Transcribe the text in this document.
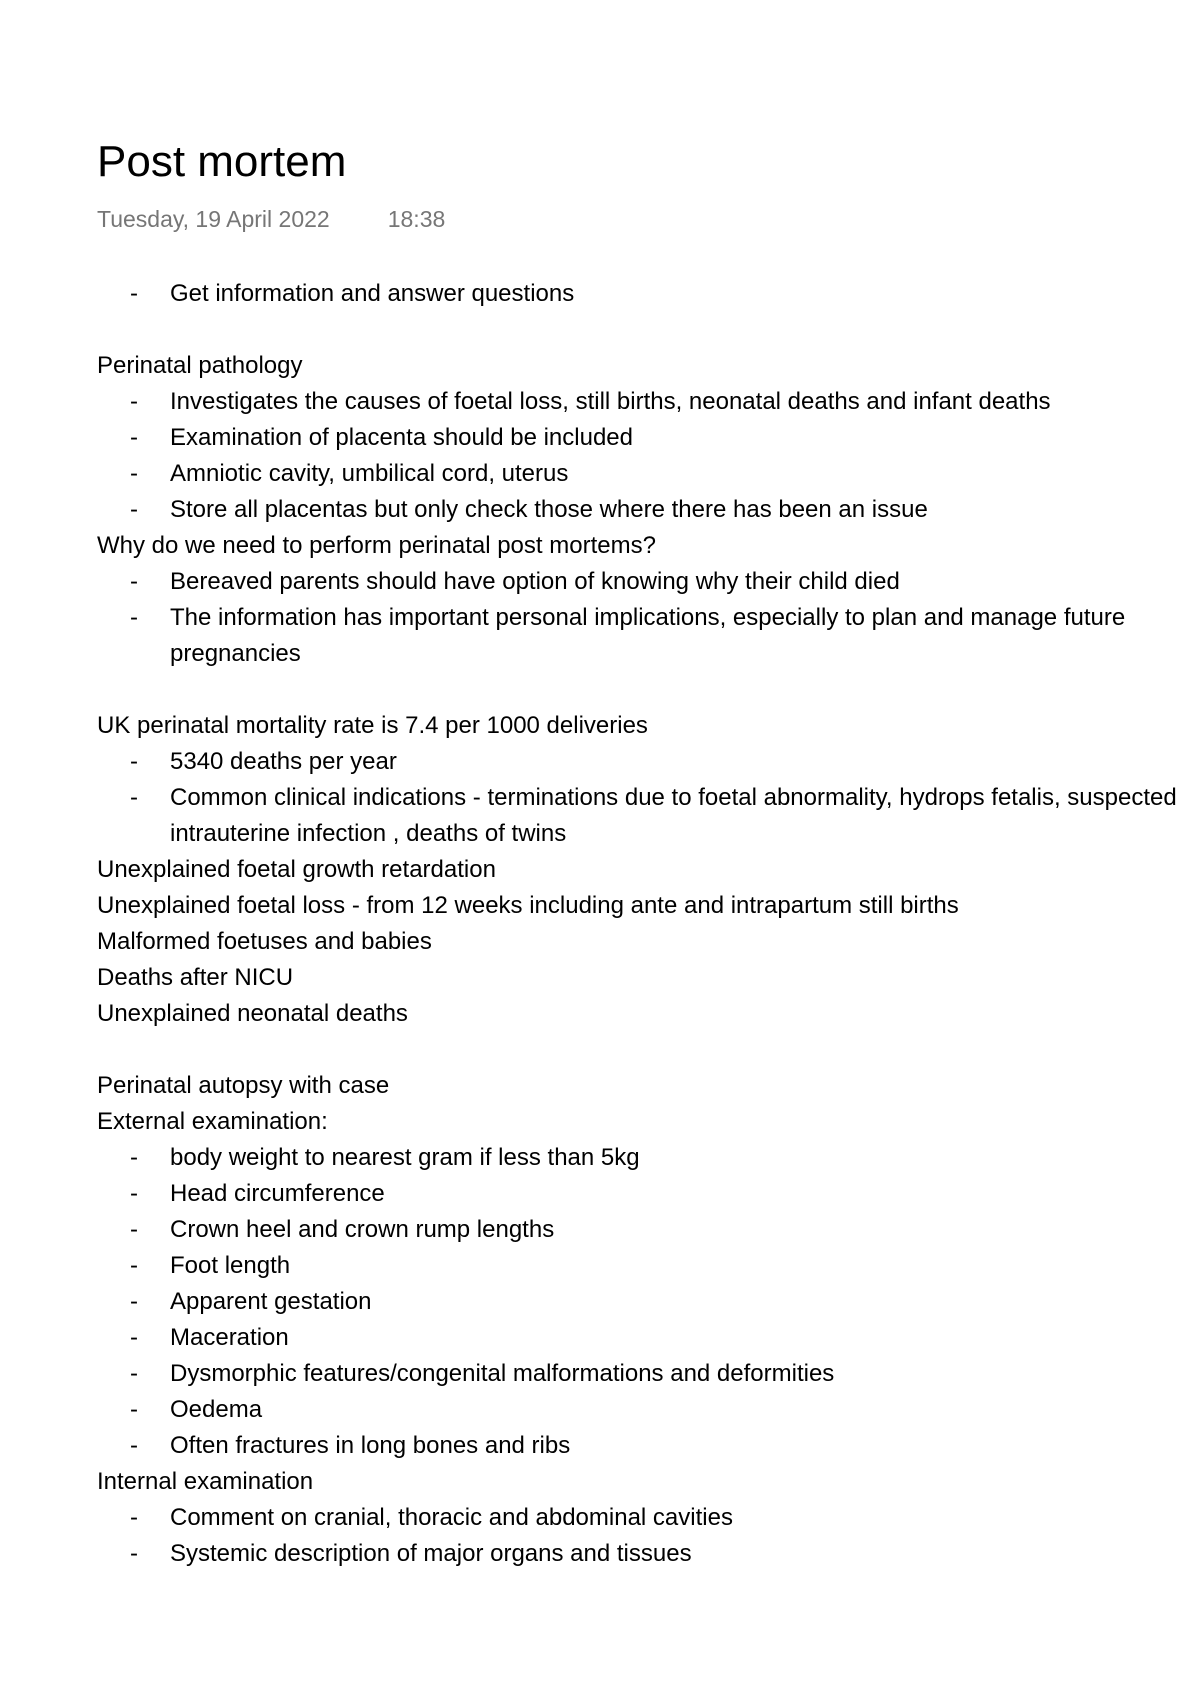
Post mortem
Tuesday, 19 April 2022	18:38
- Get information and answer questions
Perinatal pathology
- Investigates the causes of foetal loss, still births, neonatal deaths and infant deaths
- Examination of placenta should be included
- Amniotic cavity, umbilical cord, uterus
- Store all placentas but only check those where there has been an issue
Why do we need to perform perinatal post mortems?
- Bereaved parents should have option of knowing why their child died
- The information has important personal implications, especially to plan and manage future pregnancies
UK perinatal mortality rate is 7.4 per 1000 deliveries
- 5340 deaths per year
- Common clinical indications - terminations due to foetal abnormality, hydrops fetalis, suspected intrauterine infection , deaths of twins
Unexplained foetal growth retardation
Unexplained foetal loss - from 12 weeks including ante and intrapartum still births
Malformed foetuses and babies
Deaths after NICU
Unexplained neonatal deaths
Perinatal autopsy with case
External examination:
- body weight to nearest gram if less than 5kg
- Head circumference
- Crown heel and crown rump lengths
- Foot length
- Apparent gestation
- Maceration
- Dysmorphic features/congenital malformations and deformities
- Oedema
- Often fractures in long bones and ribs
Internal examination
- Comment on cranial, thoracic and abdominal cavities
- Systemic description of major organs and tissues
